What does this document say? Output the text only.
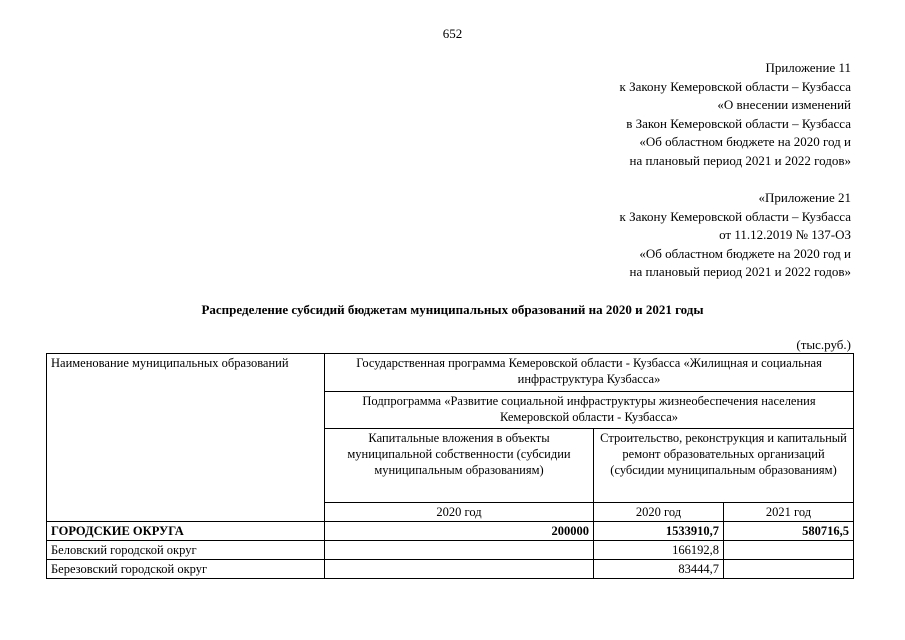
652
Приложение 11
к Закону Кемеровской области – Кузбасса
«О внесении изменений
в Закон Кемеровской области – Кузбасса
«Об областном бюджете на 2020 год и
на плановый период 2021 и 2022 годов»
«Приложение 21
к Закону Кемеровской области – Кузбасса
от 11.12.2019 № 137-ОЗ
«Об областном бюджете на 2020 год и
на плановый период 2021 и 2022 годов»
Распределение субсидий бюджетам муниципальных образований на 2020 и 2021 годы
(тыс.руб.)
Наименование муниципальных образований	Государственная программа Кемеровской области - Кузбасса «Жилищная и социальная инфраструктура Кузбасса»		
	Подпрограмма «Развитие социальной инфраструктуры жизнеобеспечения населения Кемеровской области - Кузбасса»		
	Капитальные вложения в объекты муниципальной собственности (субсидии муниципальным образованиям)	Строительство, реконструкция и капитальный ремонт образовательных организаций (субсидии муниципальным образованиям)	
	2020 год	2020 год	2021 год
ГОРОДСКИЕ ОКРУГА	200000	1533910,7	580716,5
Беловский городской округ		166192,8	
Березовский городской округ		83444,7	
